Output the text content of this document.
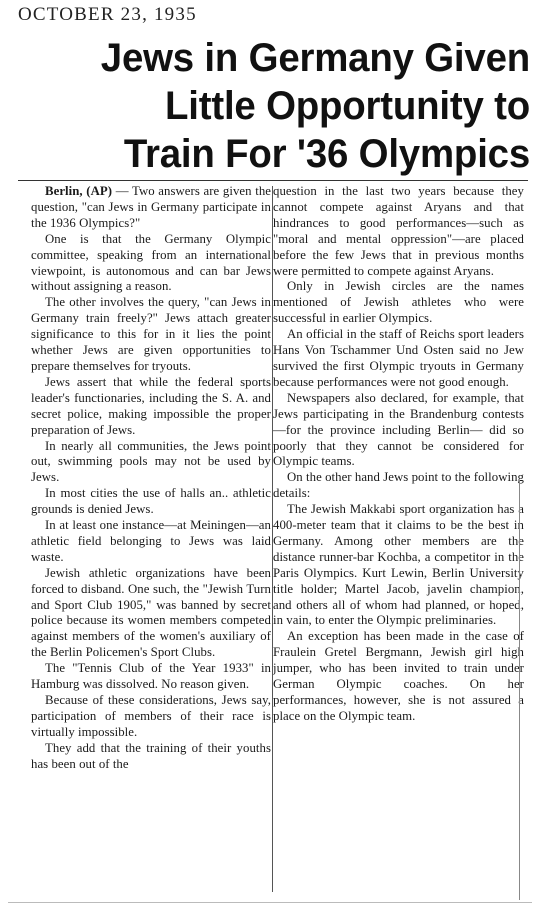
OCTOBER 23, 1935
Jews in Germany Given
Little Opportunity to
Train For '36 Olympics

Berlin, (AP) — Two answers are given the question, "can Jews in Germany participate in the 1936 Olympics?"

One is that the Germany Olympic committee, speaking from an international viewpoint, is autonomous and can bar Jews without assigning a reason.

The other involves the query, "can Jews in Germany train freely?" Jews attach greater significance to this for in it lies the point whether Jews are given opportunities to prepare themselves for tryouts.

Jews assert that while the federal sports leader's functionaries, including the S. A. and secret police, making impossible the proper preparation of Jews.

In nearly all communities, the Jews point out, swimming pools may not be used by Jews.

In most cities the use of halls an.. athletic grounds is denied Jews.

In at least one instance—at Meiningen—an athletic field belonging to Jews was laid waste.

Jewish athletic organizations have been forced to disband. One such, the "Jewish Turn and Sport Club 1905," was banned by secret police because its women members competed against members of the women's auxiliary of the Berlin Policemen's Sport Clubs.

The "Tennis Club of the Year 1933" in Hamburg was dissolved. No reason given.

Because of these considerations, Jews say, participation of members of their race is virtually impossible.

They add that the training of their youths has been out of the

question in the last two years because they cannot compete against Aryans and that hindrances to good performances—such as "moral and mental oppression"—are placed before the few Jews that in previous months were permitted to compete against Aryans.

Only in Jewish circles are the names mentioned of Jewish athletes who were successful in earlier Olympics.

An official in the staff of Reichs sport leaders Hans Von Tschammer Und Osten said no Jew survived the first Olympic tryouts in Germany because performances were not good enough.

Newspapers also declared, for example, that Jews participating in the Brandenburg contests—for the province including Berlin— did so poorly that they cannot be considered for Olympic teams.

On the other hand Jews point to the following details:

The Jewish Makkabi sport organization has a 400-meter team that it claims to be the best in Germany. Among other members are the distance runner-bar Kochba, a competitor in the Paris Olympics. Kurt Lewin, Berlin University title holder; Martel Jacob, javelin champion, and others all of whom had planned, or hoped, in vain, to enter the Olympic preliminaries.

An exception has been made in the case of Fraulein Gretel Bergmann, Jewish girl high jumper, who has been invited to train under German Olympic coaches. On her performances, however, she is not assured a place on the Olympic team.
